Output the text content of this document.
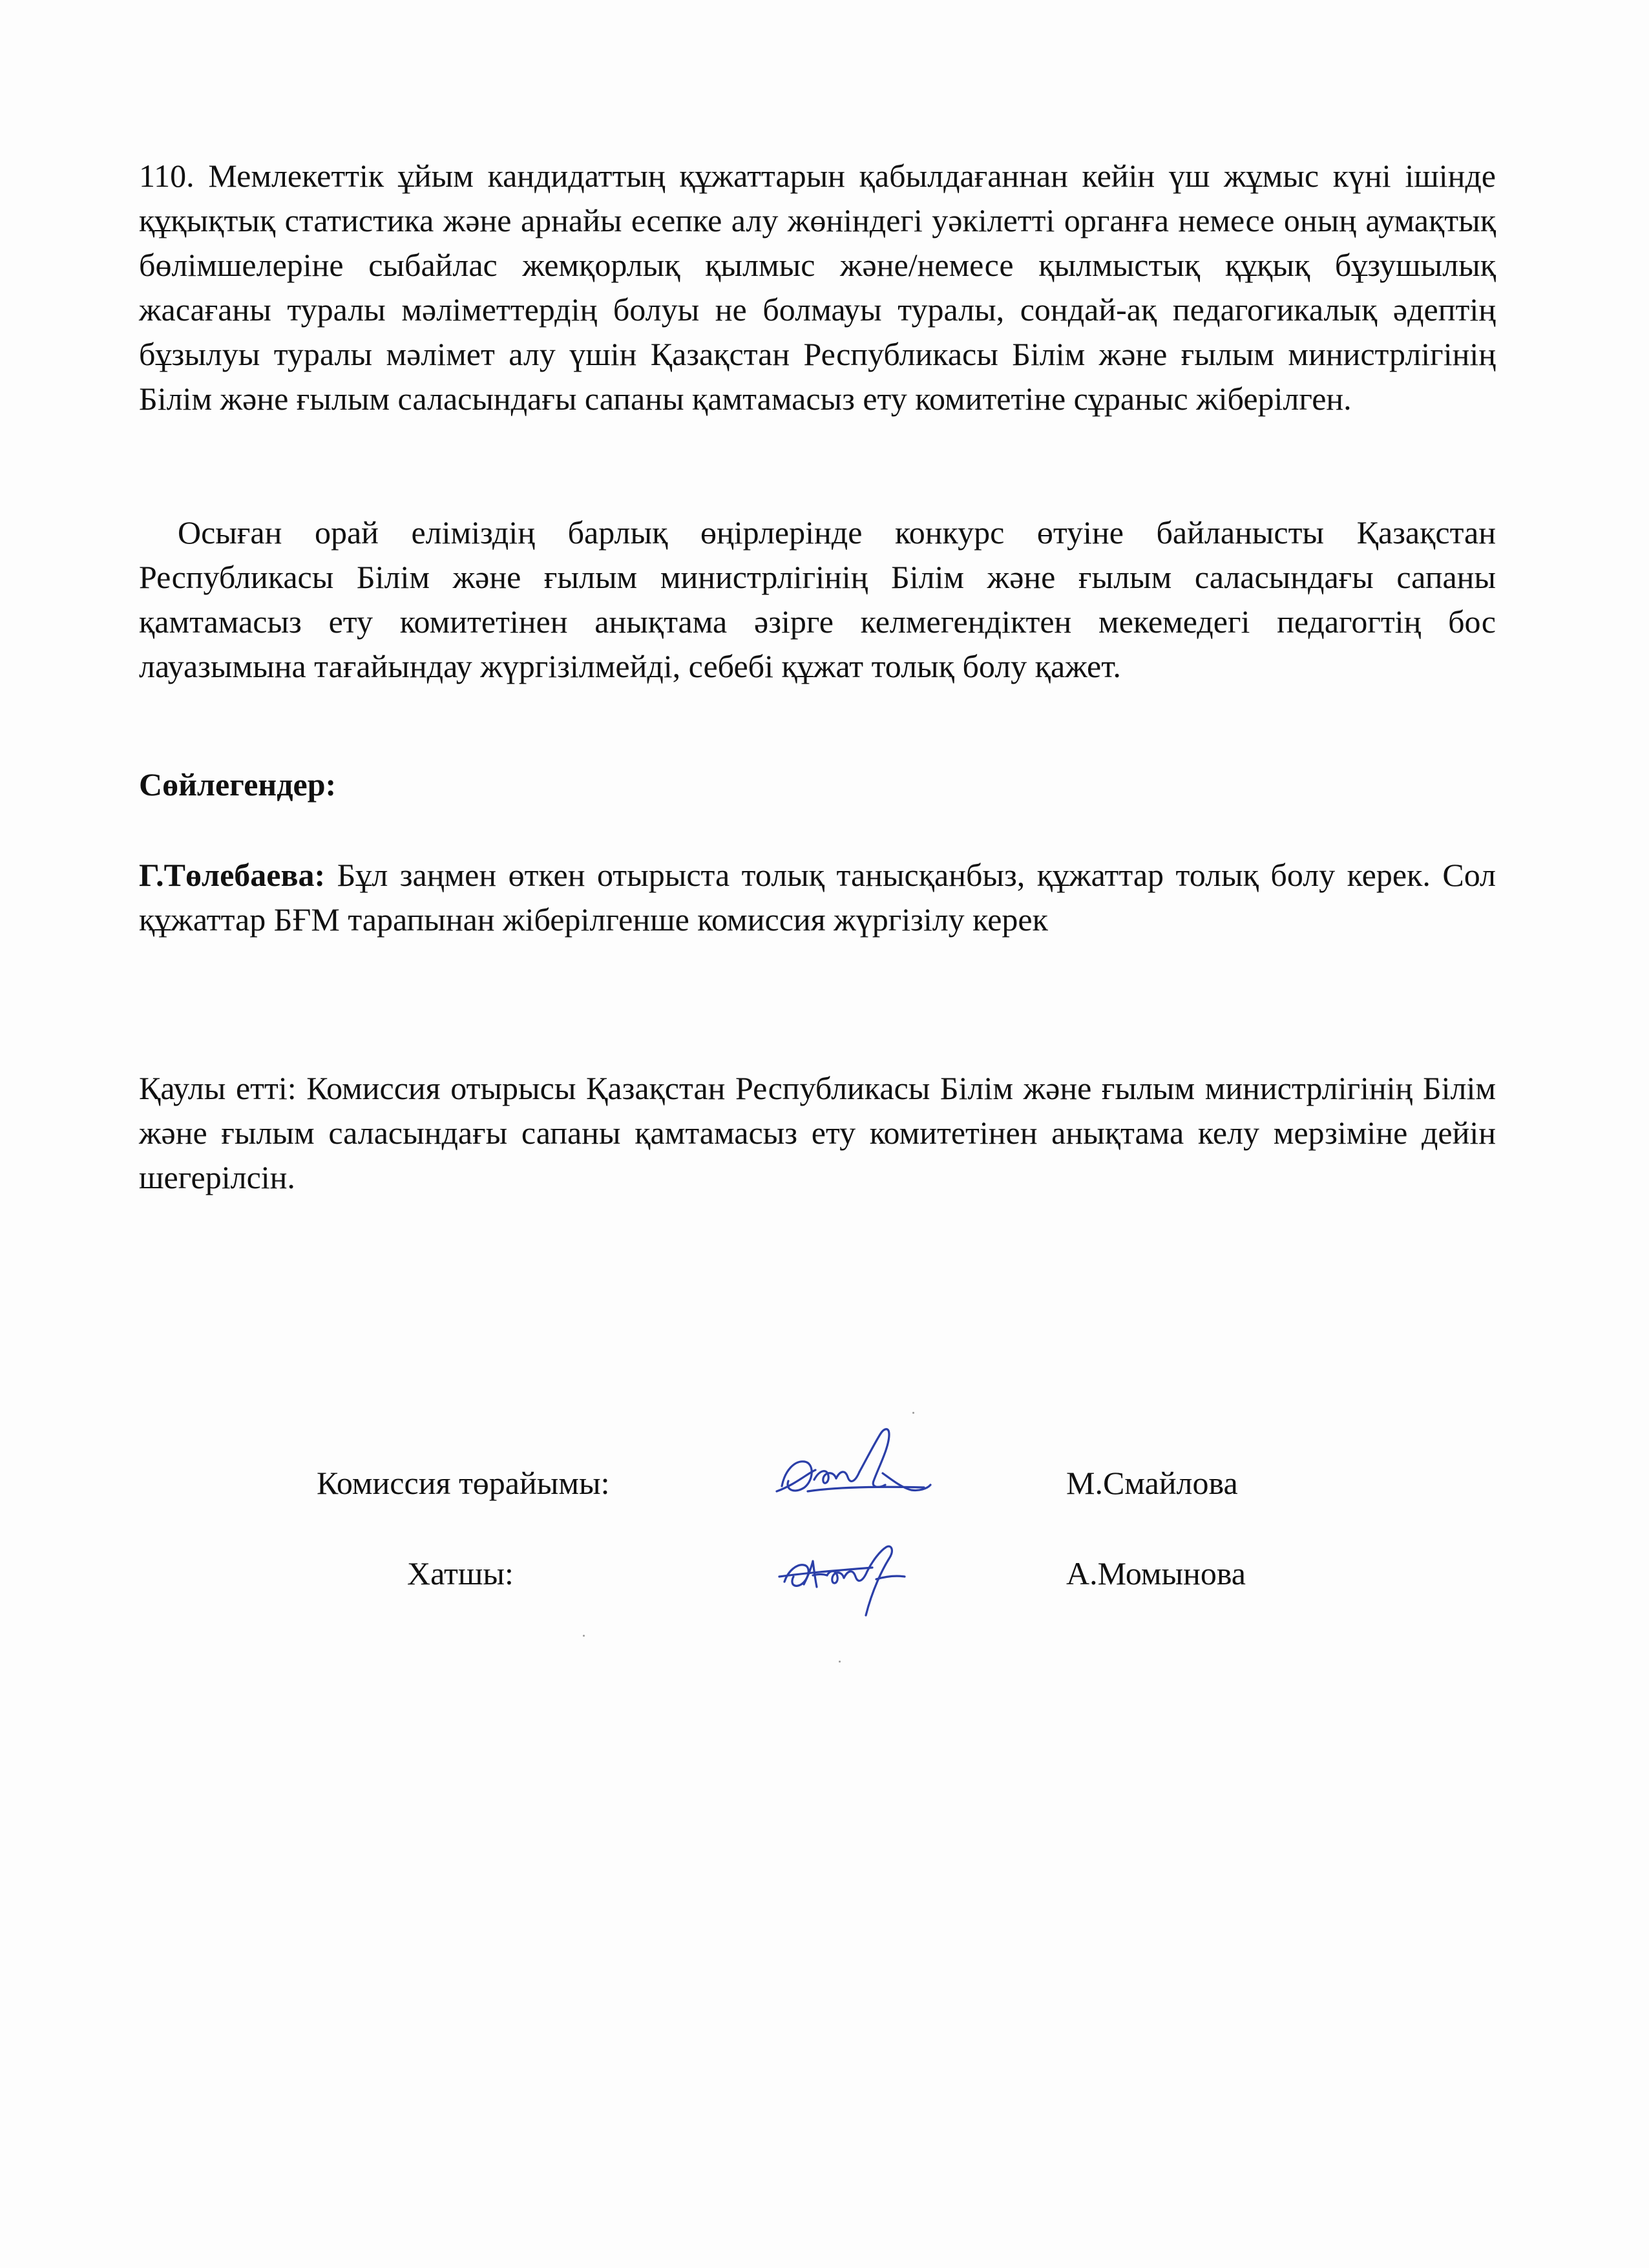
110. Мемлекеттік ұйым кандидаттың құжаттарын қабылдағаннан кейін үш жұмыс күні ішінде құқықтық статистика және арнайы есепке алу жөніндегі уәкілетті органға немесе оның аумақтық бөлімшелеріне сыбайлас жемқорлық қылмыс және/немесе қылмыстық құқық бұзушылық жасағаны туралы мәліметтердің болуы не болмауы туралы, сондай-ақ педагогикалық әдептің бұзылуы туралы мәлімет алу үшін Қазақстан Республикасы Білім және ғылым министрлігінің Білім және ғылым саласындағы сапаны қамтамасыз ету комитетіне сұраныс жіберілген.

Осыған орай еліміздің барлық өңірлерінде конкурс өтуіне байланысты Қазақстан Республикасы Білім және ғылым министрлігінің Білім және ғылым саласындағы сапаны қамтамасыз ету комитетінен анықтама әзірге келмегендіктен мекемедегі педагогтің бос лауазымына тағайындау жүргізілмейді, себебі құжат толық болу қажет.

Сөйлегендер:

Г.Төлебаева: Бұл заңмен өткен отырыста толық танысқанбыз, құжаттар толық болу керек. Сол құжаттар БҒМ тарапынан жіберілгенше комиссия жүргізілу керек

Қаулы етті: Комиссия отырысы Қазақстан Республикасы Білім және ғылым министрлігінің Білім және ғылым саласындағы сапаны қамтамасыз ету комитетінен анықтама келу мерзіміне дейін шегерілсін.

Комиссия төрайымы:	М.Смайлова

Хатшы:	А.Момынова
